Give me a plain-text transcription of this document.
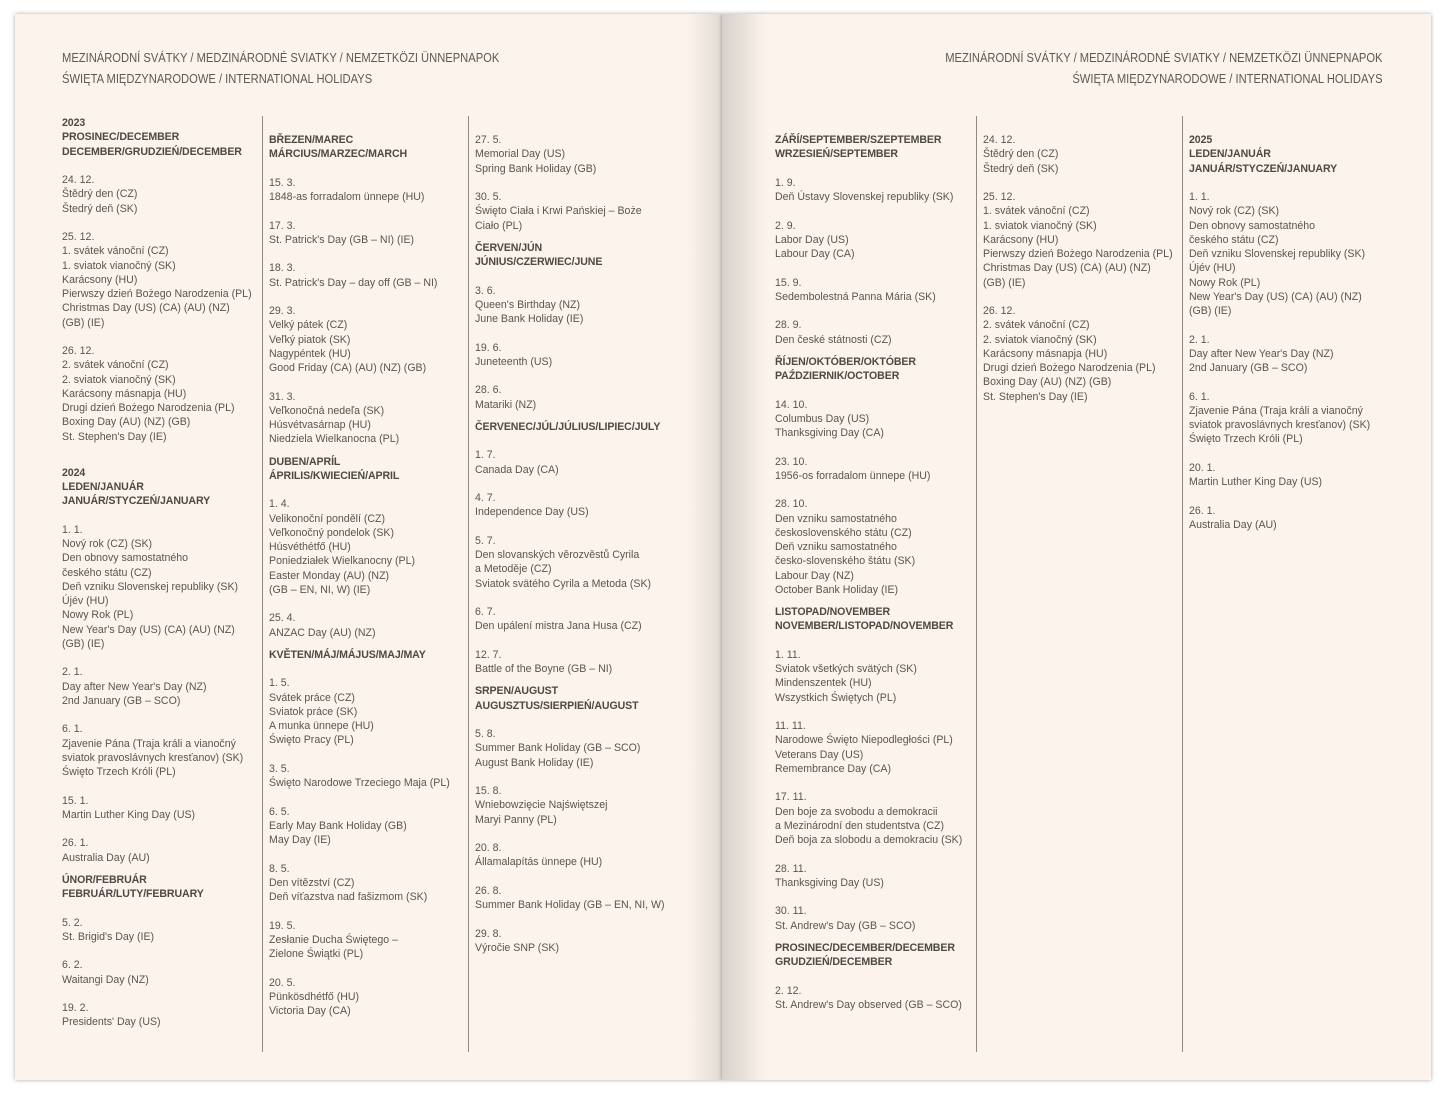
MEZINÁRODNÍ SVÁTKY / MEDZINÁRODNÉ SVIATKY / NEMZETKÖZI ÜNNEPNAPOK
ŚWIĘTA MIĘDZYNARODOWE / INTERNATIONAL HOLIDAYS
2023
PROSINEC/DECEMBER
DECEMBER/GRUDZIEŃ/DECEMBER

24. 12.
Štědrý den (CZ)
Štedrý deň (SK)

25. 12.
1. svátek vánoční (CZ)
1. sviatok vianočný (SK)
Karácsony (HU)
Pierwszy dzień Bożego Narodzenia (PL)
Christmas Day (US) (CA) (AU) (NZ)
(GB) (IE)

26. 12.
2. svátek vánoční (CZ)
2. sviatok vianočný (SK)
Karácsony másnapja (HU)
Drugi dzień Bożego Narodzenia (PL)
Boxing Day (AU) (NZ) (GB)
St. Stephen's Day (IE)

2024
LEDEN/JANUÁR
JANUÁR/STYCZEŃ/JANUARY

1. 1.
Nový rok (CZ) (SK)
Den obnovy samostatného
českého státu (CZ)
Deň vzniku Slovenskej republiky (SK)
Újév (HU)
Nowy Rok (PL)
New Year's Day (US) (CA) (AU) (NZ)
(GB) (IE)

2. 1.
Day after New Year's Day (NZ)
2nd January (GB – SCO)

6. 1.
Zjavenie Pána (Traja králi a vianočný
sviatok pravoslávnych kresťanov) (SK)
Święto Trzech Króli (PL)

15. 1.
Martin Luther King Day (US)

26. 1.
Australia Day (AU)

ÚNOR/FEBRUÁR
FEBRUÁR/LUTY/FEBRUARY

5. 2.
St. Brigid's Day (IE)

6. 2.
Waitangi Day (NZ)

19. 2.
Presidents' Day (US)

BŘEZEN/MAREC
MÁRCIUS/MARZEC/MARCH

15. 3.
1848-as forradalom ünnepe (HU)

17. 3.
St. Patrick's Day (GB – NI) (IE)

18. 3.
St. Patrick's Day – day off (GB – NI)

29. 3.
Velký pátek (CZ)
Veľký piatok (SK)
Nagypéntek (HU)
Good Friday (CA) (AU) (NZ) (GB)

31. 3.
Veľkonočná nedeľa (SK)
Húsvétvasárnap (HU)
Niedziela Wielkanocna (PL)

DUBEN/APRÍL
ÁPRILIS/KWIECIEŃ/APRIL

1. 4.
Velikonoční pondělí (CZ)
Veľkonočný pondelok (SK)
Húsvéthétfő (HU)
Poniedziałek Wielkanocny (PL)
Easter Monday (AU) (NZ)
(GB – EN, NI, W) (IE)

25. 4.
ANZAC Day (AU) (NZ)

KVĚTEN/MÁJ/MÁJUS/MAJ/MAY

1. 5.
Svátek práce (CZ)
Sviatok práce (SK)
A munka ünnepe (HU)
Święto Pracy (PL)

3. 5.
Święto Narodowe Trzeciego Maja (PL)

6. 5.
Early May Bank Holiday (GB)
May Day (IE)

8. 5.
Den vítězství (CZ)
Deň víťazstva nad fašizmom (SK)

19. 5.
Zesłanie Ducha Świętego –
Zielone Świątki (PL)

20. 5.
Pünkösdhétfő (HU)
Victoria Day (CA)

27. 5.
Memorial Day (US)
Spring Bank Holiday (GB)

30. 5.
Święto Ciała i Krwi Pańskiej – Boże
Ciało (PL)

ČERVEN/JÚN
JÚNIUS/CZERWIEC/JUNE

3. 6.
Queen's Birthday (NZ)
June Bank Holiday (IE)

19. 6.
Juneteenth (US)

28. 6.
Matariki (NZ)

ČERVENEC/JÚL/JÚLIUS/LIPIEC/JULY

1. 7.
Canada Day (CA)

4. 7.
Independence Day (US)

5. 7.
Den slovanských věrozvěstů Cyrila
a Metoděje (CZ)
Sviatok svätého Cyrila a Metoda (SK)

6. 7.
Den upálení mistra Jana Husa (CZ)

12. 7.
Battle of the Boyne (GB – NI)

SRPEN/AUGUST
AUGUSZTUS/SIERPIEŃ/AUGUST

5. 8.
Summer Bank Holiday (GB – SCO)
August Bank Holiday (IE)

15. 8.
Wniebowzięcie Najświętszej
Maryi Panny (PL)

20. 8.
Államalapítás ünnepe (HU)

26. 8.
Summer Bank Holiday (GB – EN, NI, W)

29. 8.
Výročie SNP (SK)

MEZINÁRODNÍ SVÁTKY / MEDZINÁRODNÉ SVIATKY / NEMZETKÖZI ÜNNEPNAPOK
ŚWIĘTA MIĘDZYNARODOWE / INTERNATIONAL HOLIDAYS
ZÁŘÍ/SEPTEMBER/SZEPTEMBER
WRZESIEŃ/SEPTEMBER

1. 9.
Deň Ústavy Slovenskej republiky (SK)

2. 9.
Labor Day (US)
Labour Day (CA)

15. 9.
Sedembolestná Panna Mária (SK)

28. 9.
Den české státnosti (CZ)

ŘÍJEN/OKTÓBER/OKTÓBER
PAŹDZIERNIK/OCTOBER

14. 10.
Columbus Day (US)
Thanksgiving Day (CA)

23. 10.
1956-os forradalom ünnepe (HU)

28. 10.
Den vzniku samostatného
československého státu (CZ)
Deň vzniku samostatného
česko-slovenského štátu (SK)
Labour Day (NZ)
October Bank Holiday (IE)

LISTOPAD/NOVEMBER
NOVEMBER/LISTOPAD/NOVEMBER

1. 11.
Sviatok všetkých svätých (SK)
Mindenszentek (HU)
Wszystkich Świętych (PL)

11. 11.
Narodowe Święto Niepodległości (PL)
Veterans Day (US)
Remembrance Day (CA)

17. 11.
Den boje za svobodu a demokracii
a Mezinárodní den studentstva (CZ)
Deň boja za slobodu a demokraciu (SK)

28. 11.
Thanksgiving Day (US)

30. 11.
St. Andrew's Day (GB – SCO)

PROSINEC/DECEMBER/DECEMBER
GRUDZIEŃ/DECEMBER

2. 12.
St. Andrew's Day observed (GB – SCO)

24. 12.
Štědrý den (CZ)
Štedrý deň (SK)

25. 12.
1. svátek vánoční (CZ)
1. sviatok vianočný (SK)
Karácsony (HU)
Pierwszy dzień Bożego Narodzenia (PL)
Christmas Day (US) (CA) (AU) (NZ)
(GB) (IE)

26. 12.
2. svátek vánoční (CZ)
2. sviatok vianočný (SK)
Karácsony másnapja (HU)
Drugi dzień Bożego Narodzenia (PL)
Boxing Day (AU) (NZ) (GB)
St. Stephen's Day (IE)

2025
LEDEN/JANUÁR
JANUÁR/STYCZEŃ/JANUARY

1. 1.
Nový rok (CZ) (SK)
Den obnovy samostatného
českého státu (CZ)
Deň vzniku Slovenskej republiky (SK)
Újév (HU)
Nowy Rok (PL)
New Year's Day (US) (CA) (AU) (NZ)
(GB) (IE)

2. 1.
Day after New Year's Day (NZ)
2nd January (GB – SCO)

6. 1.
Zjavenie Pána (Traja králi a vianočný
sviatok pravoslávnych kresťanov) (SK)
Święto Trzech Króli (PL)

20. 1.
Martin Luther King Day (US)

26. 1.
Australia Day (AU)
